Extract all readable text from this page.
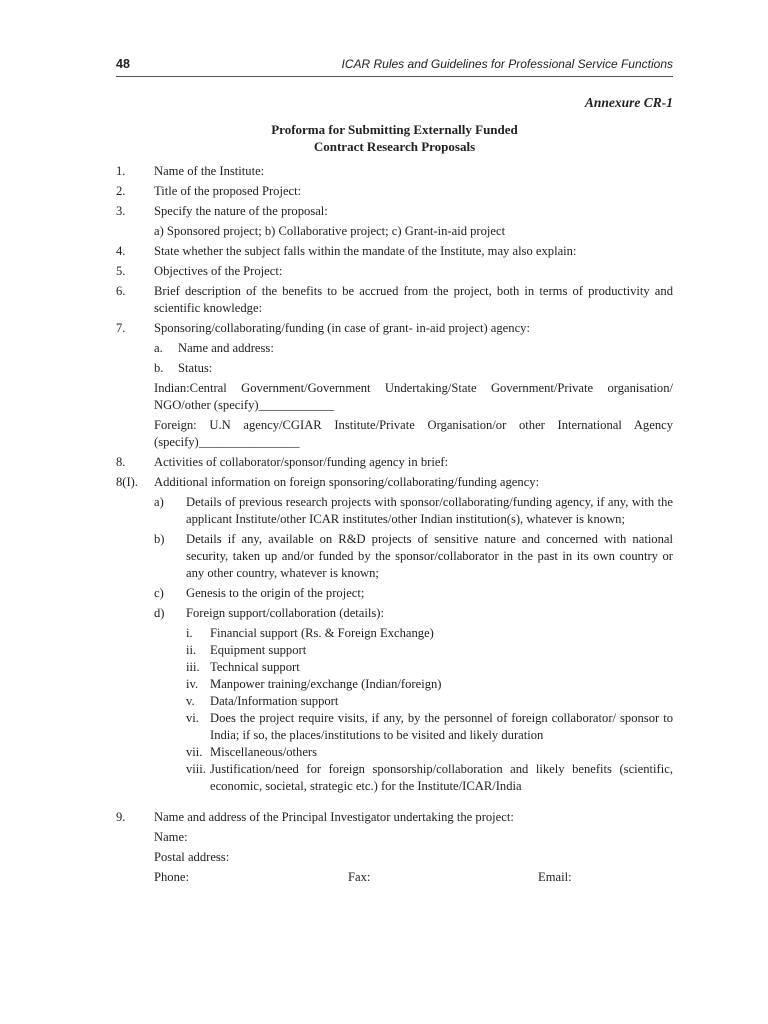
48	ICAR Rules and Guidelines for Professional Service Functions
Annexure CR-1
Proforma for Submitting Externally Funded
Contract Research Proposals
1.	Name of the Institute:
2.	Title of the proposed Project:
3.	Specify the nature of the proposal:
a) Sponsored project; b) Collaborative project; c) Grant-in-aid project
4.	State whether the subject falls within the mandate of the Institute, may also explain:
5.	Objectives of the Project:
6.	Brief description of the benefits to be accrued from the project, both in terms of productivity and scientific knowledge:
7.	Sponsoring/collaborating/funding (in case of grant- in-aid project) agency:
a.	Name and address:
b.	Status:
Indian:Central Government/Government Undertaking/State Government/Private organisation/ NGO/other (specify)____________
Foreign: U.N agency/CGIAR Institute/Private Organisation/or other International Agency (specify)________________
8.	Activities of collaborator/sponsor/funding agency in brief:
8(I).	Additional information on foreign sponsoring/collaborating/funding agency:
a)	Details of previous research projects with sponsor/collaborating/funding agency, if any, with the applicant Institute/other ICAR institutes/other Indian institution(s), whatever is known;
b)	Details if any, available on R&D projects of sensitive nature and concerned with national security, taken up and/or funded by the sponsor/collaborator in the past in its own country or any other country, whatever is known;
c)	Genesis to the origin of the project;
d)	Foreign support/collaboration (details):
i.	Financial support (Rs. & Foreign Exchange)
ii.	Equipment support
iii. Technical support
iv. Manpower training/exchange (Indian/foreign)
v.	Data/Information support
vi. Does the project require visits, if any, by the personnel of foreign collaborator/ sponsor to India; if so, the places/institutions to be visited and likely duration
vii. Miscellaneous/others
viii. Justification/need for foreign sponsorship/collaboration and likely benefits (scientific, economic, societal, strategic etc.) for the Institute/ICAR/India
9.	Name and address of the Principal Investigator undertaking the project:
Name:
Postal address:
Phone:	Fax:	Email:
